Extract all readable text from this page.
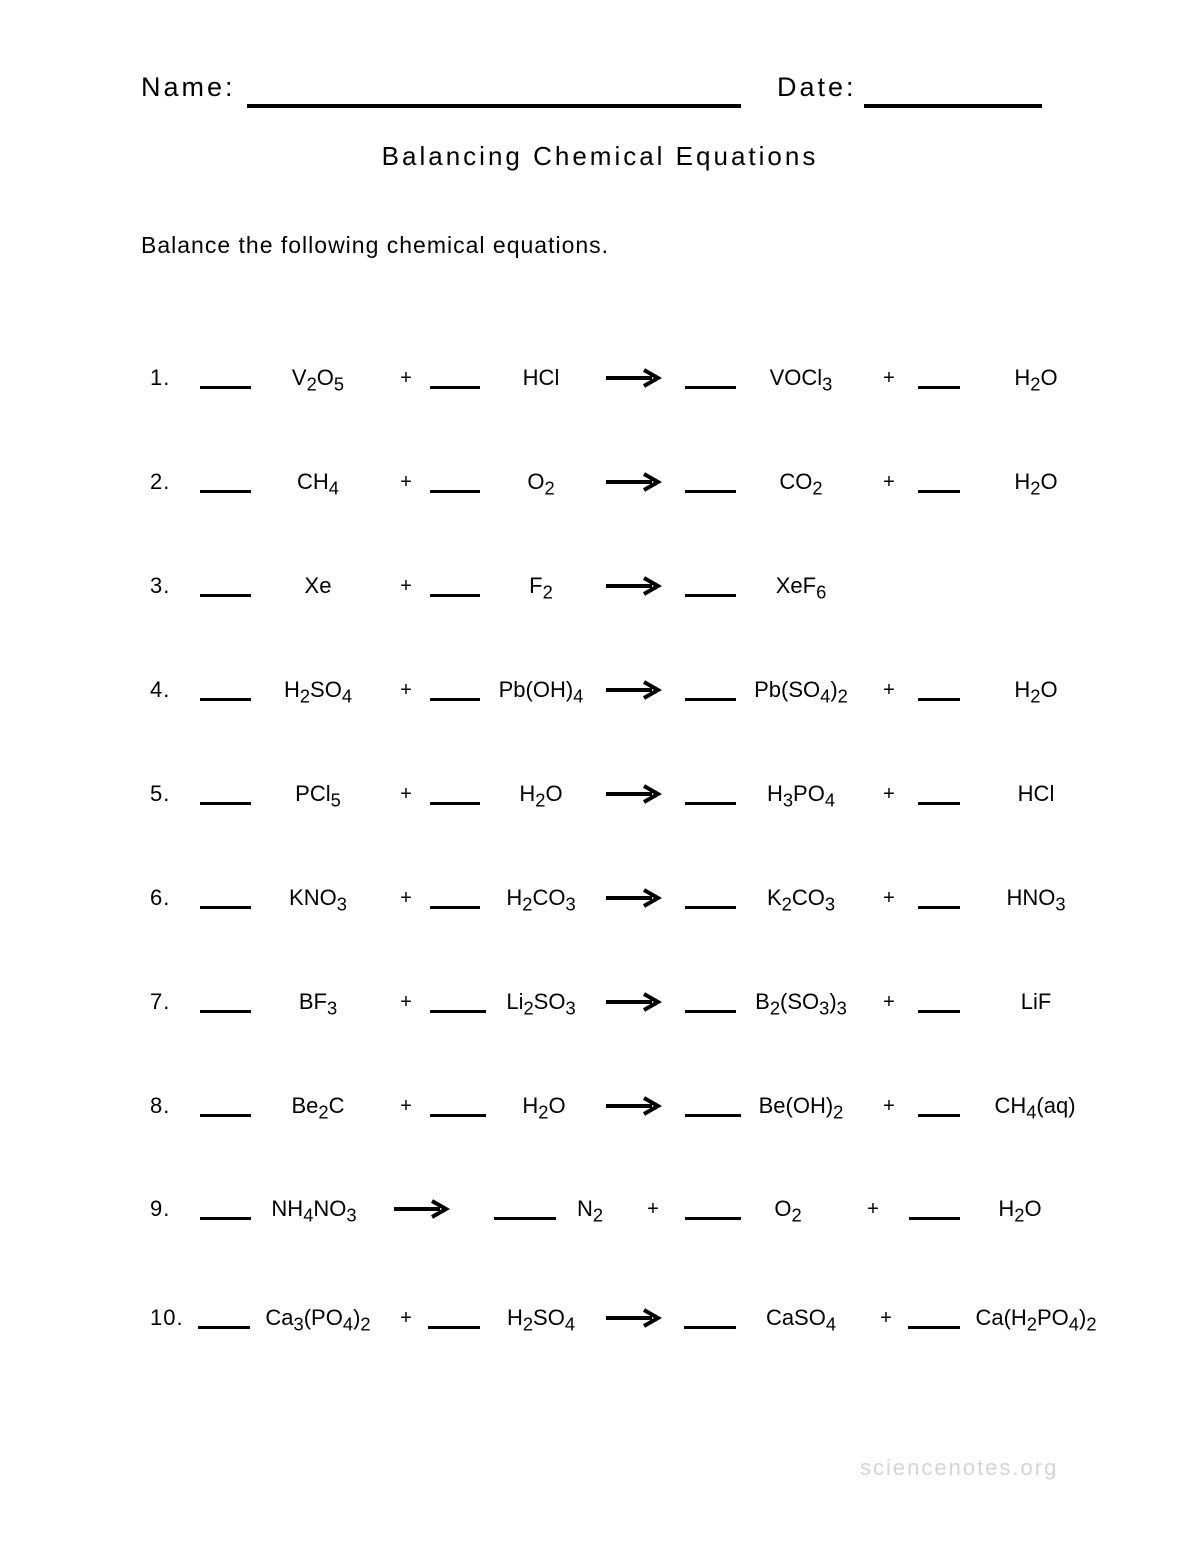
Name:	Date:
Balancing Chemical Equations
Balance the following chemical equations.
1.	$V_2O_5$	+	HCl	VOCl$_3$	+	$H_2O$
2.	$CH_4$	+	$O_2$	$CO_2$	+	$H_2O$
3.	Xe	+	$F_2$	XeF$_6$
4.	$H_2SO_4$ +	$Pb(OH)_4$ →	$Pb(SO_4)_2$ +	$H_2O$
5.	PCl$_5$	+	$H_2O$	$H_3PO_4$ +	HCl
6.	$KNO_3$	+	$H_2CO_3$	$K_2CO_3$ +	$HNO_3$
7.	$BF_3$	+	$Li_2SO_3$	$B_2(SO_3)_3$ +	LiF
8.	$Be_2C$	+	$H_2O$	$Be(OH)_2$ +	$CH_4(aq)$
9.	$NH_4NO_3$	$N_2$ +	$O_2$	+	$H_2O$
10.	$Ca_3(PO_4)_2$ +	$H_2SO_4$	CaSO$_4$ +	$Ca(H_2PO_4)_2$
sciencenotes.org
